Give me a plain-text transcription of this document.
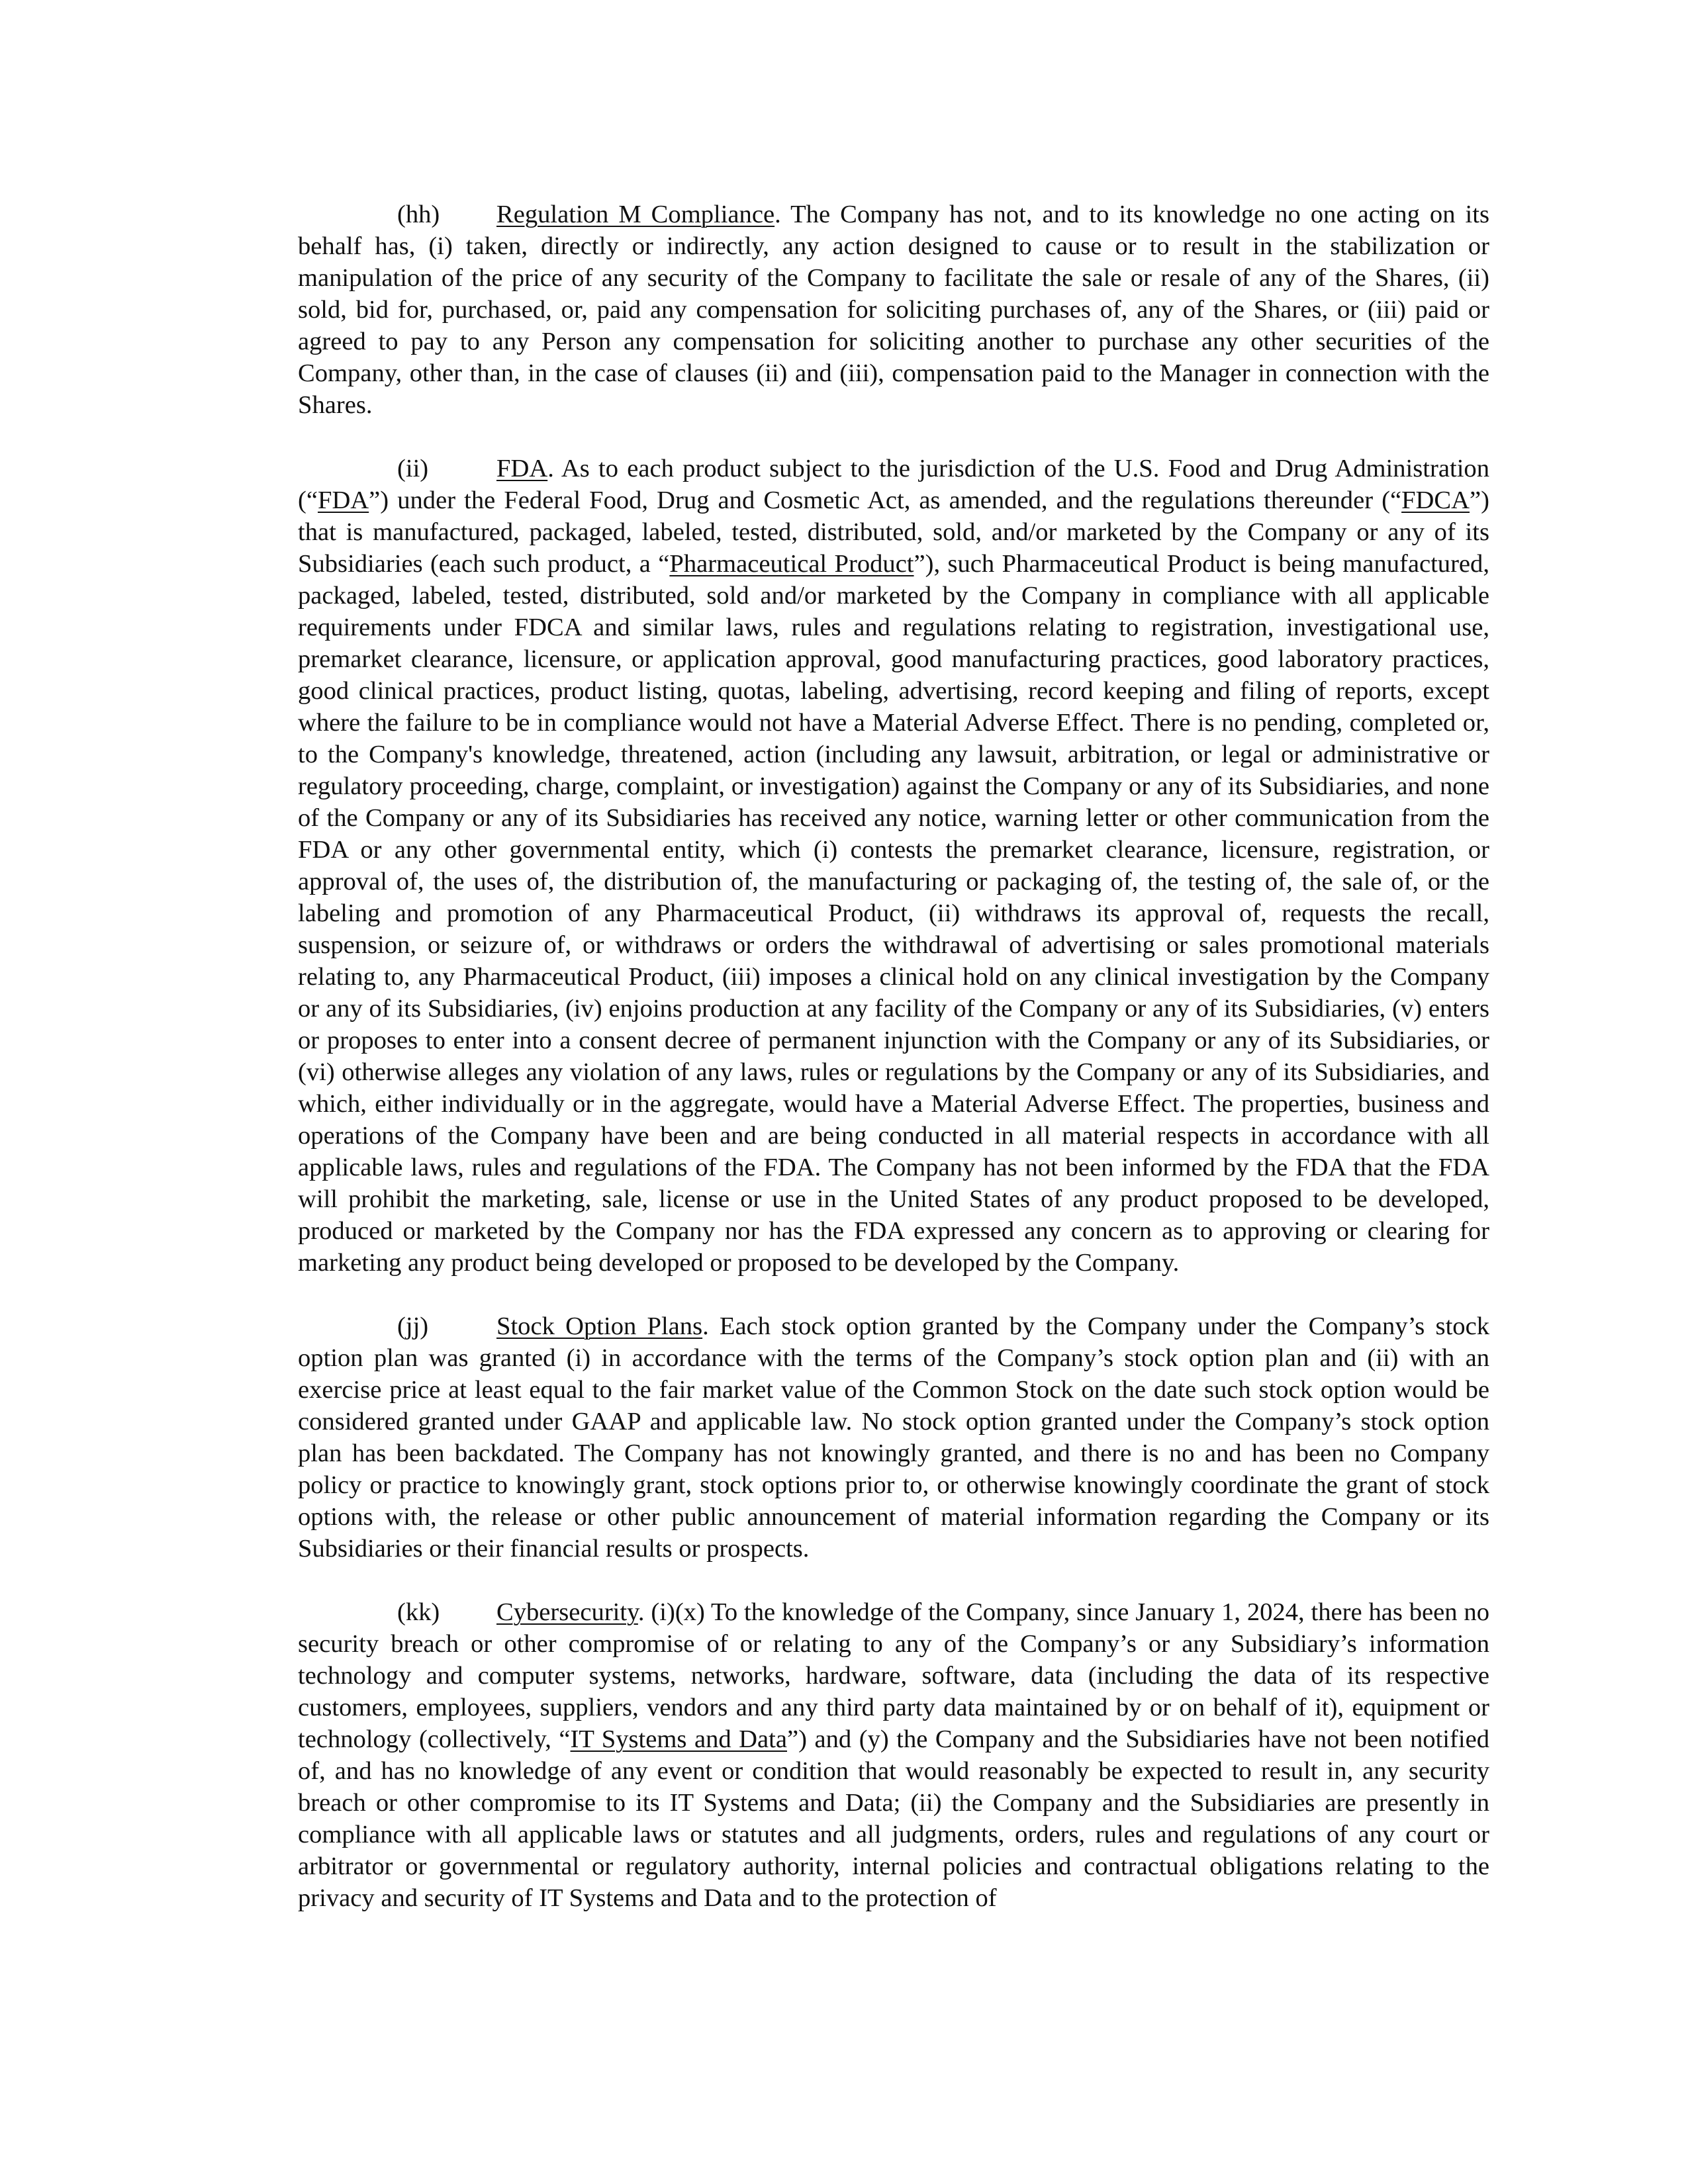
(hh) Regulation M Compliance. The Company has not, and to its knowledge no one acting on its behalf has, (i) taken, directly or indirectly, any action designed to cause or to result in the stabilization or manipulation of the price of any security of the Company to facilitate the sale or resale of any of the Shares, (ii) sold, bid for, purchased, or, paid any compensation for soliciting purchases of, any of the Shares, or (iii) paid or agreed to pay to any Person any compensation for soliciting another to purchase any other securities of the Company, other than, in the case of clauses (ii) and (iii), compensation paid to the Manager in connection with the Shares.

(ii)	FDA. As to each product subject to the jurisdiction of the U.S. Food and Drug Administration (“FDA”) under the Federal Food, Drug and Cosmetic Act, as amended, and the regulations thereunder (“FDCA”) that is manufactured, packaged, labeled, tested, distributed, sold, and/or marketed by the Company or any of its Subsidiaries (each such product, a “Pharmaceutical Product”), such Pharmaceutical Product is being manufactured, packaged, labeled, tested, distributed, sold and/or marketed by the Company in compliance with all applicable requirements under FDCA and similar laws, rules and regulations relating to registration, investigational use, premarket clearance, licensure, or application approval, good manufacturing practices, good laboratory practices, good clinical practices, product listing, quotas, labeling, advertising, record keeping and filing of reports, except where the failure to be in compliance would not have a Material Adverse Effect. There is no pending, completed or, to the Company's knowledge, threatened, action (including any lawsuit, arbitration, or legal or administrative or regulatory proceeding, charge, complaint, or investigation) against the Company or any of its Subsidiaries, and none of the Company or any of its Subsidiaries has received any notice, warning letter or other communication from the FDA or any other governmental entity, which (i) contests the premarket clearance, licensure, registration, or approval of, the uses of, the distribution of, the manufacturing or packaging of, the testing of, the sale of, or the labeling and promotion of any Pharmaceutical Product, (ii) withdraws its approval of, requests the recall, suspension, or seizure of, or withdraws or orders the withdrawal of advertising or sales promotional materials relating to, any Pharmaceutical Product, (iii) imposes a clinical hold on any clinical investigation by the Company or any of its Subsidiaries, (iv) enjoins production at any facility of the Company or any of its Subsidiaries, (v) enters or proposes to enter into a consent decree of permanent injunction with the Company or any of its Subsidiaries, or (vi) otherwise alleges any violation of any laws, rules or regulations by the Company or any of its Subsidiaries, and which, either individually or in the aggregate, would have a Material Adverse Effect. The properties, business and operations of the Company have been and are being conducted in all material respects in accordance with all applicable laws, rules and regulations of the FDA. The Company has not been informed by the FDA that the FDA will prohibit the marketing, sale, license or use in the United States of any product proposed to be developed, produced or marketed by the Company nor has the FDA expressed any concern as to approving or clearing for marketing any product being developed or proposed to be developed by the Company.

(jj)	Stock Option Plans. Each stock option granted by the Company under the Company’s stock option plan was granted (i) in accordance with the terms of the Company’s stock option plan and (ii) with an exercise price at least equal to the fair market value of the Common Stock on the date such stock option would be considered granted under GAAP and applicable law. No stock option granted under the Company’s stock option plan has been backdated. The Company has not knowingly granted, and there is no and has been no Company policy or practice to knowingly grant, stock options prior to, or otherwise knowingly coordinate the grant of stock options with, the release or other public announcement of material information regarding the Company or its Subsidiaries or their financial results or prospects.

(kk) Cybersecurity. (i)(x) To the knowledge of the Company, since January 1, 2024, there has been no security breach or other compromise of or relating to any of the Company’s or any Subsidiary’s information technology and computer systems, networks, hardware, software, data (including the data of its respective customers, employees, suppliers, vendors and any third party data maintained by or on behalf of it), equipment or technology (collectively, “IT Systems and Data”) and (y) the Company and the Subsidiaries have not been notified of, and has no knowledge of any event or condition that would reasonably be expected to result in, any security breach or other compromise to its IT Systems and Data; (ii) the Company and the Subsidiaries are presently in compliance with all applicable laws or statutes and all judgments, orders, rules and regulations of any court or arbitrator or governmental or regulatory authority, internal policies and contractual obligations relating to the privacy and security of IT Systems and Data and to the protection of
